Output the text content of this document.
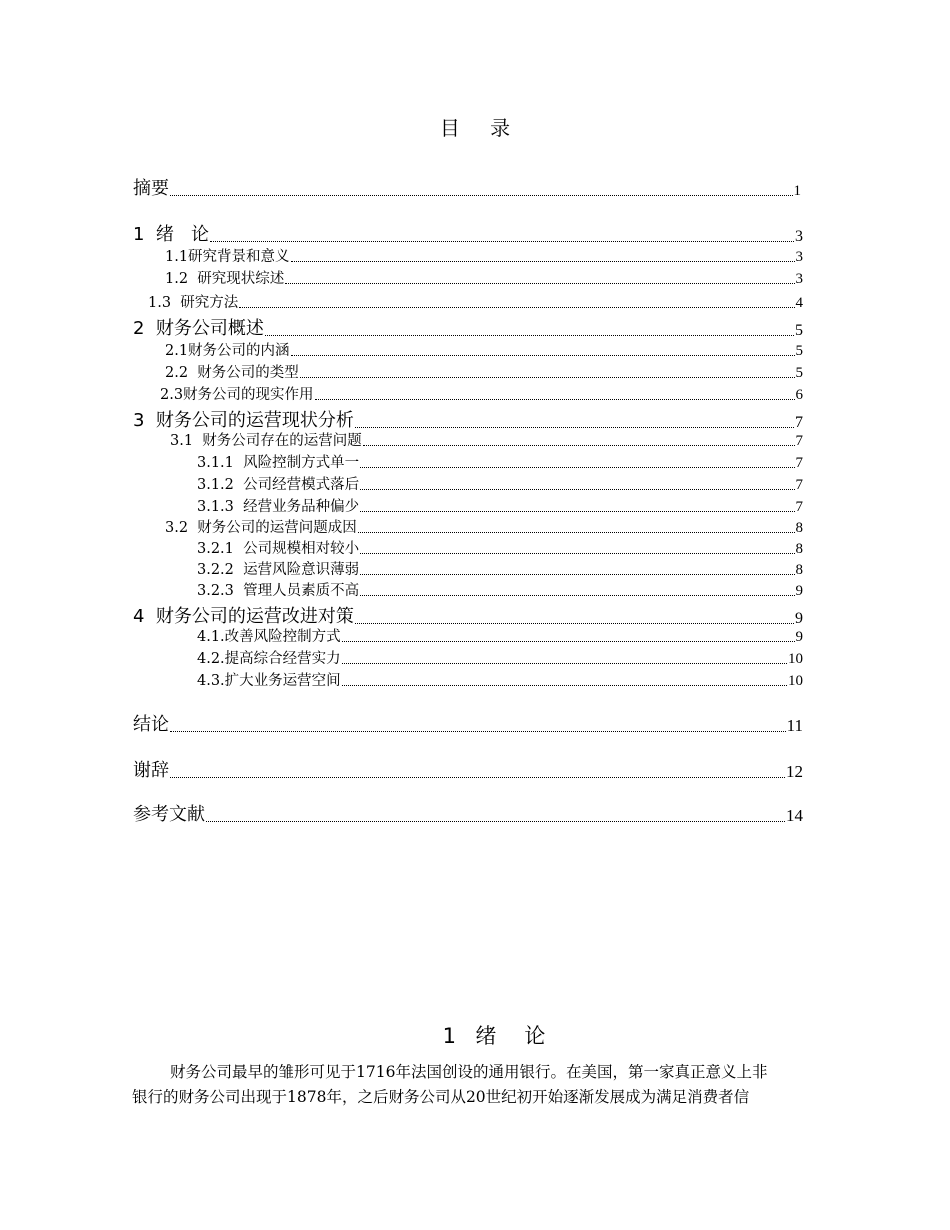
目 录
摘要	1
1  绪   论	3
1.1研究背景和意义	3
1.2  研究现状综述	3
1.3  研究方法	4
2  财务公司概述	5
2.1财务公司的内涵	5
2.2  财务公司的类型	5
2.3财务公司的现实作用	6
3  财务公司的运营现状分析	7
3.1  财务公司存在的运营问题	7
3.1.1  风险控制方式单一	7
3.1.2  公司经营模式落后	7
3.1.3  经营业务品种偏少	7
3.2  财务公司的运营问题成因	8
3.2.1  公司规模相对较小	8
3.2.2  运营风险意识薄弱	8
3.2.3  管理人员素质不高	9
4  财务公司的运营改进对策	9
4.1.改善风险控制方式	9
4.2.提高综合经营实力	10
4.3.扩大业务运营空间	10
结论	11
谢辞	12
参考文献	14
1  绪   论
财务公司最早的雏形可见于1716年法国创设的通用银行。在美国，第一家真正意义上非
银行的财务公司出现于1878年，之后财务公司从20世纪初开始逐渐发展成为满足消费者信
